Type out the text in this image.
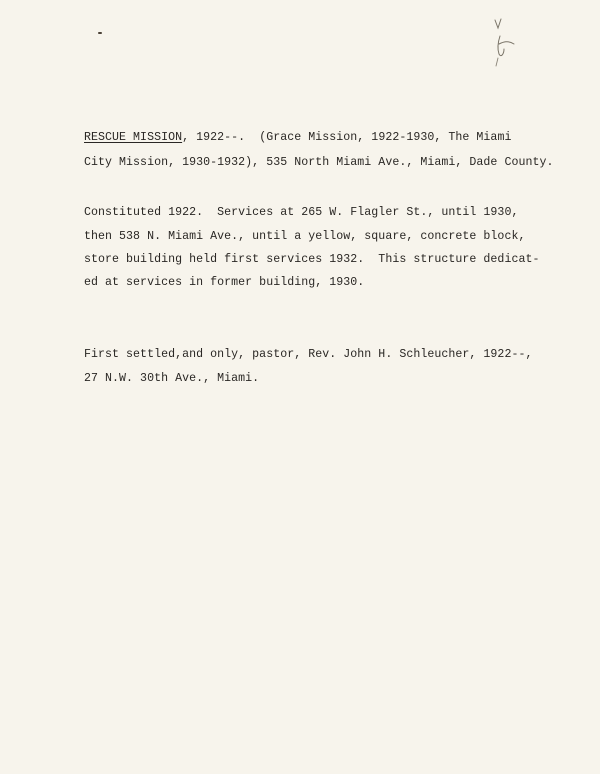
RESCUE MISSION, 1922--.  (Grace Mission, 1922-1930, The Miami
City Mission, 1930-1932), 535 North Miami Ave., Miami, Dade County.
Constituted 1922.  Services at 265 W. Flagler St., until 1930,
then 538 N. Miami Ave., until a yellow, square, concrete block,
store building held first services 1932.  This structure dedicat-
ed at services in former building, 1930.
First settled,and only, pastor, Rev. John H. Schleucher, 1922--,
27 N.W. 30th Ave., Miami.
